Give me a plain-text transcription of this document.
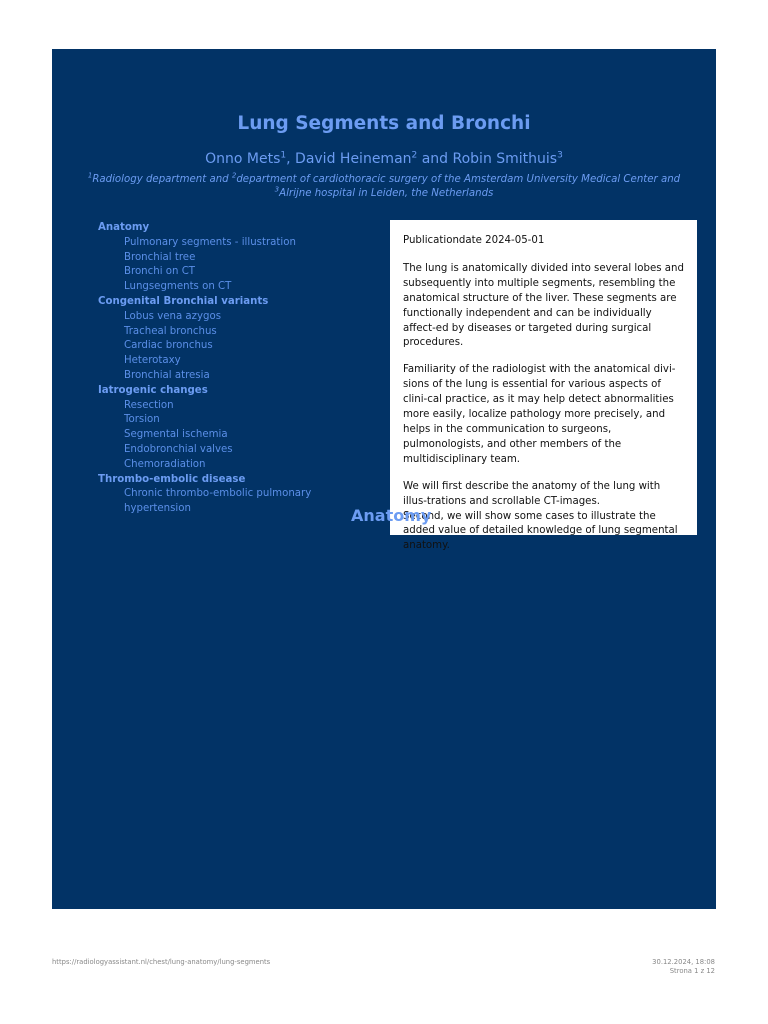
Lung Segments and Bronchi
Onno Mets$^1$, David Heineman$^2$ and Robin Smithuis$^3$
$^1$Radiology department and $^2$department of cardiothoracic surgery of the Amsterdam University Medical Center and $^3$Alrijne hospital in Leiden, the Netherlands
Anatomy
Pulmonary segments - illustration
Bronchial tree
Bronchi on CT
Lungsegments on CT
Congenital Bronchial variants
Lobus vena azygos
Tracheal bronchus
Cardiac bronchus
Heterotaxy
Bronchial atresia
Iatrogenic changes
Resection
Torsion
Segmental ischemia
Endobronchial valves
Chemoradiation
Thrombo-embolic disease
Chronic thrombo-embolic pulmonary hypertension

Publicationdate 2024-05-01

The lung is anatomically divided into several lobes and subsequently into multiple segments, resembling the anatomical structure of the liver. These segments are functionally independent and can be individually affect-ed by diseases or targeted during surgical procedures.

Familiarity of the radiologist with the anatomical divi-sions of the lung is essential for various aspects of clini-cal practice, as it may help detect abnormalities more easily, localize pathology more precisely, and helps in the communication to surgeons, pulmonologists, and other members of the multidisciplinary team.

We will first describe the anatomy of the lung with illus-trations and scrollable CT-images.
Second, we will show some cases to illustrate the added value of detailed knowledge of lung segmental anatomy.
Anatomy
https://radiologyassistant.nl/chest/lung-anatomy/lung-segments	30.12.2024, 18:08
Strona 1 z 12
